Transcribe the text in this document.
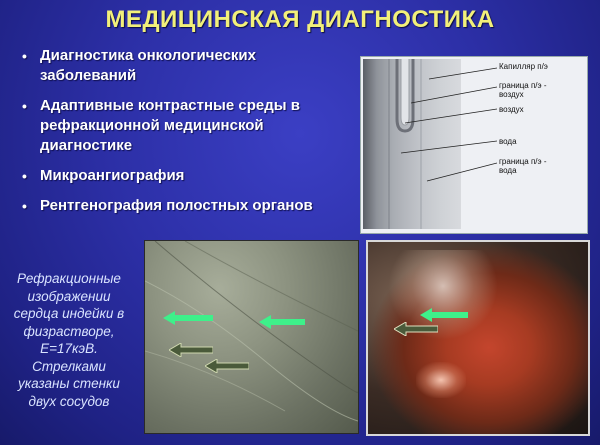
МЕДИЦИНСКАЯ ДИАГНОСТИКА
• Диагностика онкологических заболеваний
• Адаптивные контрастные среды в рефракционной медицинской диагностике
• Микроангиография
• Рентгенография полостных органов
Рефракционные
изображении
сердца индейки в
физрастворе,
E=17кэВ.
Стрелками
указаны стенки
двух сосудов
Капилляр п/э
граница п/э -
воздух
воздух
вода
граница п/э -
вода
